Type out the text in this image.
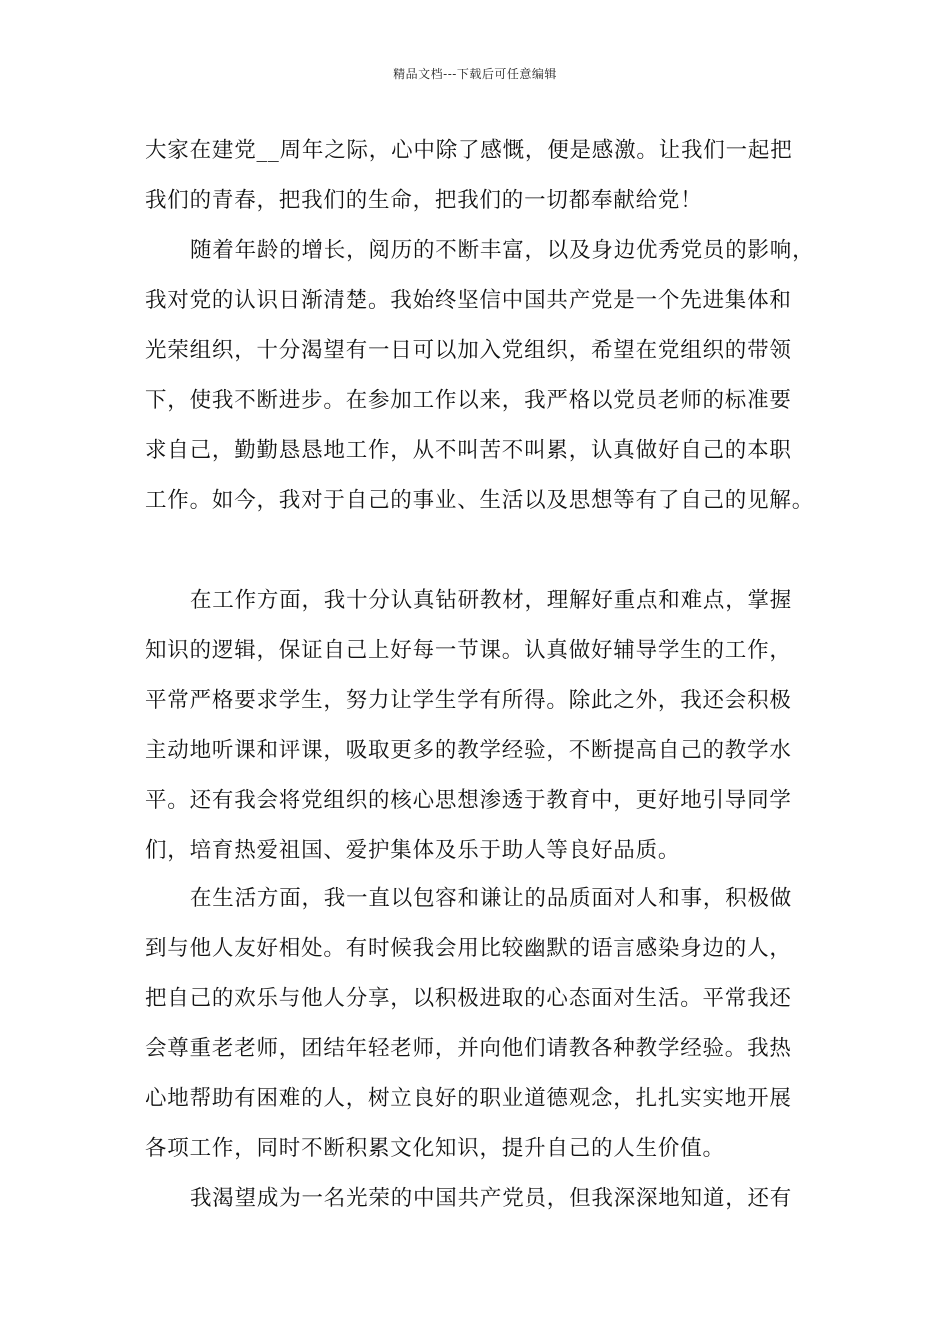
精品文档---下载后可任意编辑
大家在建党__周年之际，心中除了感慨，便是感激。让我们一起把
我们的青春，把我们的生命，把我们的一切都奉献给党！
随着年龄的增长，阅历的不断丰富，以及身边优秀党员的影响，
我对党的认识日渐清楚。我始终坚信中国共产党是一个先进集体和
光荣组织，十分渴望有一日可以加入党组织，希望在党组织的带领
下，使我不断进步。在参加工作以来，我严格以党员老师的标准要
求自己，勤勤恳恳地工作，从不叫苦不叫累，认真做好自己的本职
工作。如今，我对于自己的事业、生活以及思想等有了自己的见解。
在工作方面，我十分认真钻研教材，理解好重点和难点，掌握
知识的逻辑，保证自己上好每一节课。认真做好辅导学生的工作，
平常严格要求学生，努力让学生学有所得。除此之外，我还会积极
主动地听课和评课，吸取更多的教学经验，不断提高自己的教学水
平。还有我会将党组织的核心思想渗透于教育中，更好地引导同学
们，培育热爱祖国、爱护集体及乐于助人等良好品质。
在生活方面，我一直以包容和谦让的品质面对人和事，积极做
到与他人友好相处。有时候我会用比较幽默的语言感染身边的人，
把自己的欢乐与他人分享，以积极进取的心态面对生活。平常我还
会尊重老老师，团结年轻老师，并向他们请教各种教学经验。我热
心地帮助有困难的人，树立良好的职业道德观念，扎扎实实地开展
各项工作，同时不断积累文化知识，提升自己的人生价值。
我渴望成为一名光荣的中国共产党员，但我深深地知道，还有
